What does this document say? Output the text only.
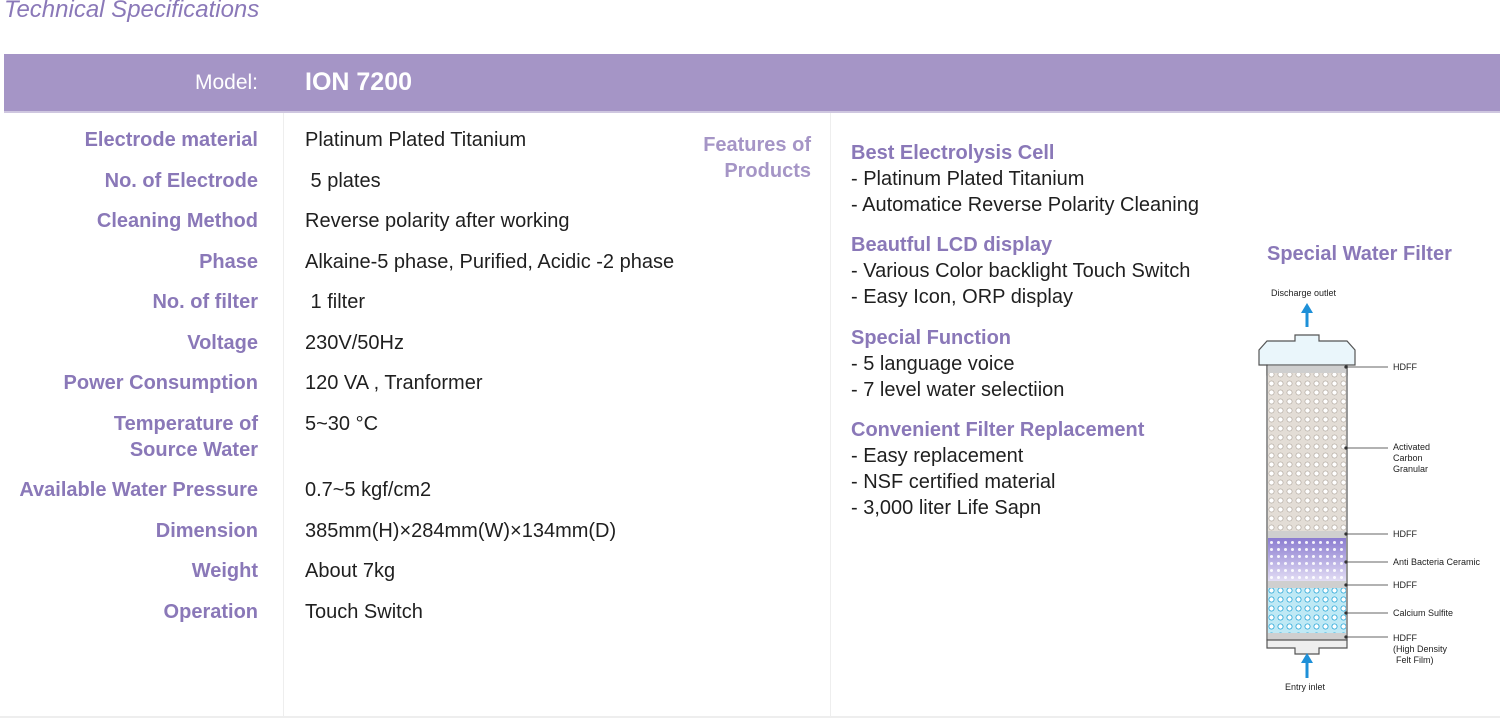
Technical Specifications
Model: ION 7200
Electrode material Platinum Plated Titanium
No. of Electrode 5 plates
Cleaning Method Reverse polarity after working
Phase Alkaine-5 phase, Purified, Acidic -2 phase
No. of filter 1 filter
Voltage 230V/50Hz
Power Consumption 120 VA , Tranformer
Temperature of
Source Water
5~30 °C
Available Water Pressure 0.7~5 kgf/cm2
Dimension 385mm(H)×284mm(W)×134mm(D)
Weight About 7kg
Operation Touch Switch
Features of
Products
Best Electrolysis Cell
- Platinum Plated Titanium
- Automatice Reverse Polarity Cleaning
Beautful LCD display
- Various Color backlight Touch Switch
- Easy Icon, ORP display
Special Function
- 5 language voice
- 7 level water selectiion
Convenient Filter Replacement
- Easy replacement
- NSF certified material
- 3,000 liter Life Sapn
Special Water Filter
Discharge outlet
HDFF
Activated
Carbon
Granular
HDFF
Anti Bacteria Ceramic
HDFF
Calcium Sulfite
HDFF
(High Density
Felt Film)
Entry inlet
